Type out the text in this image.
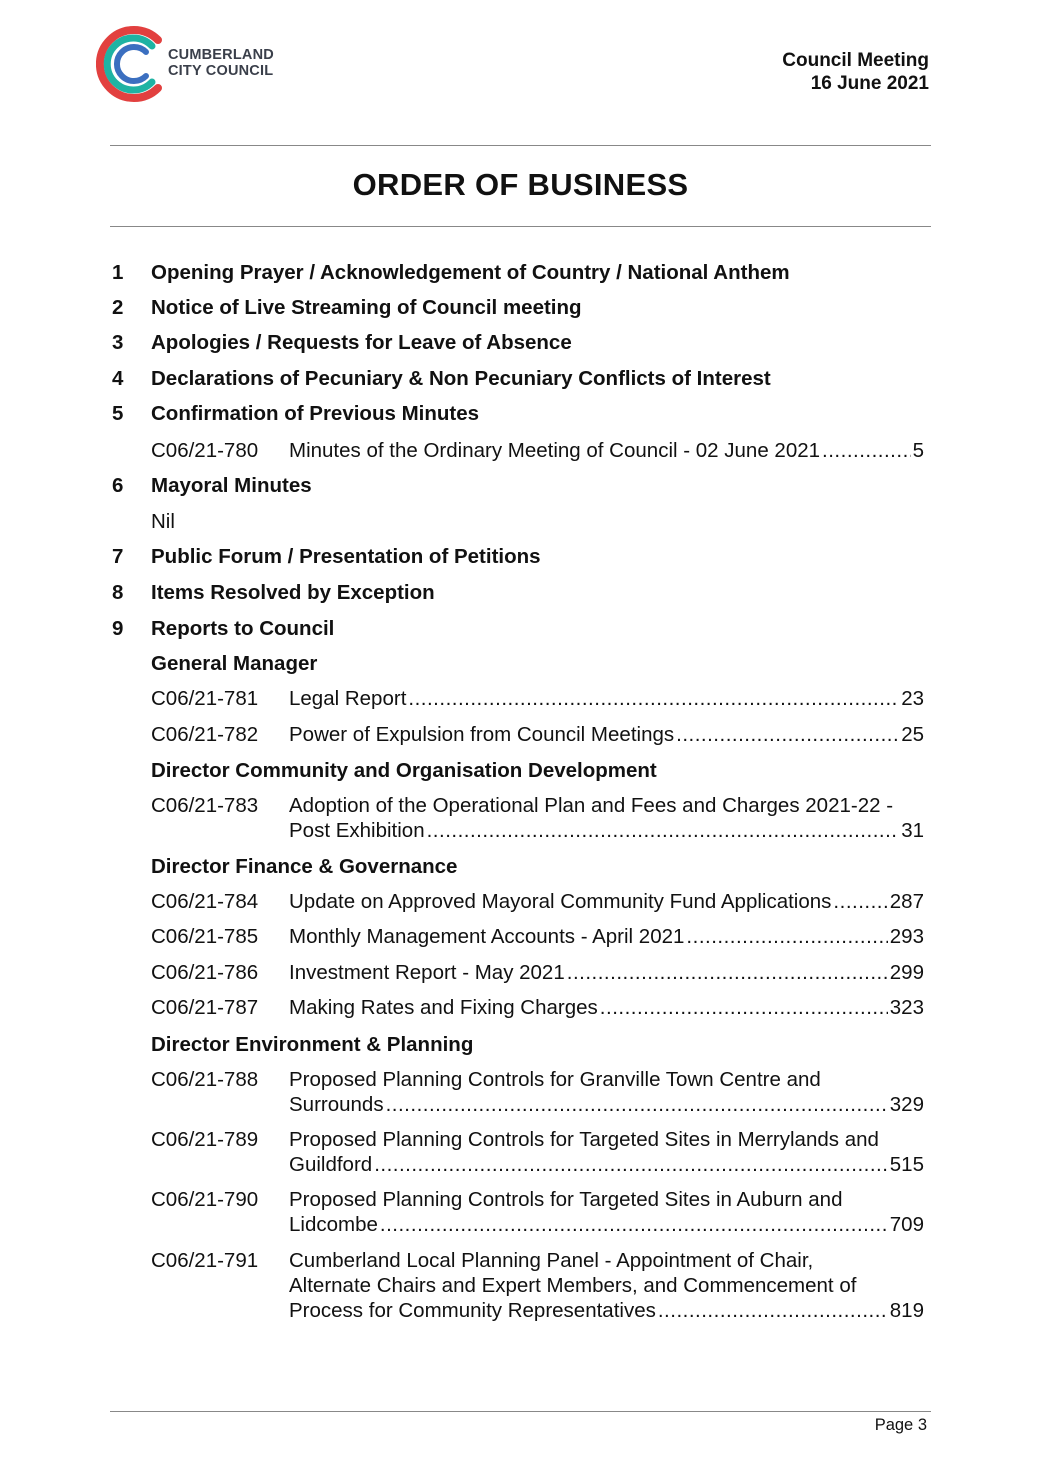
CUMBERLAND
CITY COUNCIL	Council Meeting
16 June 2021
ORDER OF BUSINESS
1 Opening Prayer / Acknowledgement of Country / National Anthem
2 Notice of Live Streaming of Council meeting
3 Apologies / Requests for Leave of Absence
4 Declarations of Pecuniary & Non Pecuniary Conflicts of Interest
5 Confirmation of Previous Minutes
C06/21-780 Minutes of the Ordinary Meeting of Council - 02 June 2021 .....	5
6 Mayoral Minutes
Nil
7 Public Forum / Presentation of Petitions
8 Items Resolved by Exception
9 Reports to Council
General Manager
C06/21-781 Legal Report .....	23
C06/21-782 Power of Expulsion from Council Meetings .....	25
Director Community and Organisation Development
C06/21-783 Adoption of the Operational Plan and Fees and Charges 2021-22 -
Post Exhibition .....	31
Director Finance & Governance
C06/21-784 Update on Approved Mayoral Community Fund Applications .....	287
C06/21-785 Monthly Management Accounts - April 2021 .....	293
C06/21-786 Investment Report - May 2021 .....	299
C06/21-787 Making Rates and Fixing Charges .....	323
Director Environment & Planning
C06/21-788 Proposed Planning Controls for Granville Town Centre and
Surrounds .....	329
C06/21-789 Proposed Planning Controls for Targeted Sites in Merrylands and
Guildford .....	515
C06/21-790 Proposed Planning Controls for Targeted Sites in Auburn and
Lidcombe .....	709
C06/21-791 Cumberland Local Planning Panel - Appointment of Chair,
Alternate Chairs and Expert Members, and Commencement of
Process for Community Representatives .....	819
Page 3
